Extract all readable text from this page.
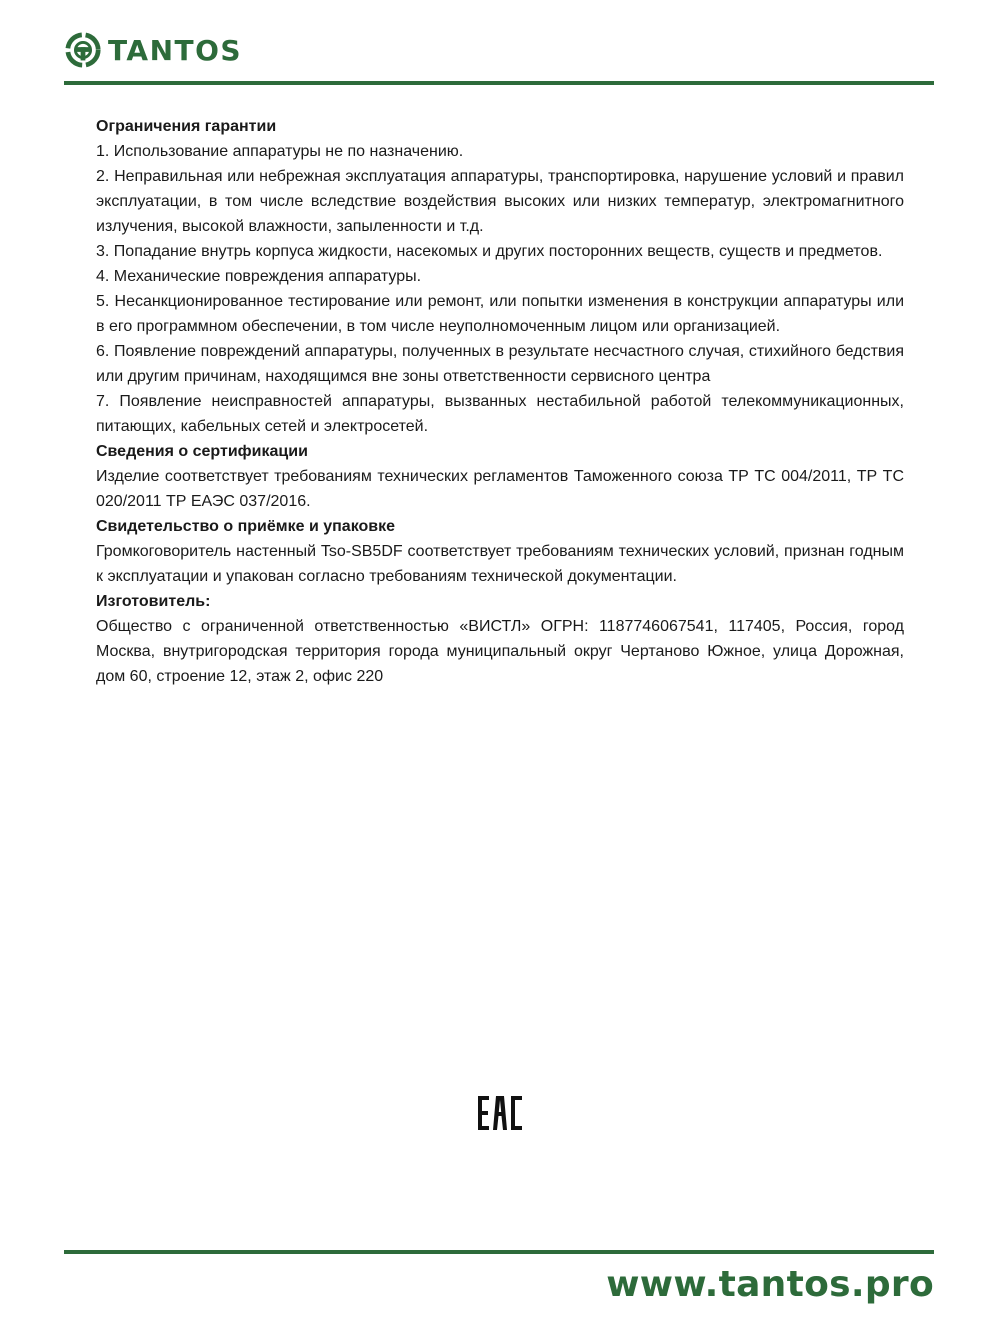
TANTOS

Ограничения гарантии

1. Использование аппаратуры не по назначению.

2. Неправильная или небрежная эксплуатация аппаратуры, транспортировка, нарушение условий и правил эксплуатации, в том числе вследствие воздействия высоких или низких температур, электромагнитного излучения, высокой влажности, запыленности и т.д.

3. Попадание внутрь корпуса жидкости, насекомых и других посторонних веществ, существ и предметов.

4. Механические повреждения аппаратуры.

5. Несанкционированное тестирование или ремонт, или попытки изменения в конструкции аппаратуры или в его программном обеспечении, в том числе неуполномоченным лицом или организацией.

6. Появление повреждений аппаратуры, полученных в результате несчастного случая, стихийного бедствия или другим причинам, находящимся вне зоны ответственности сервисного центра

7. Появление неисправностей аппаратуры, вызванных нестабильной работой телекоммуникационных, питающих, кабельных сетей и электросетей.

Сведения о сертификации

Изделие соответствует требованиям технических регламентов Таможенного союза ТР ТС 004/2011, ТР ТС 020/2011 ТР ЕАЭС 037/2016.

Свидетельство о приёмке и упаковке

Громкоговоритель настенный Tso-SB5DF соответствует требованиям технических условий, признан годным к эксплуатации и упакован согласно требованиям технической документации.

Изготовитель:

Общество с ограниченной ответственностью «ВИСТЛ» ОГРН: 1187746067541, 117405, Россия, город Москва, внутригородская территория города муниципальный округ Чертаново Южное, улица Дорожная, дом 60, строение 12, этаж 2, офис 220

www.tantos.pro
